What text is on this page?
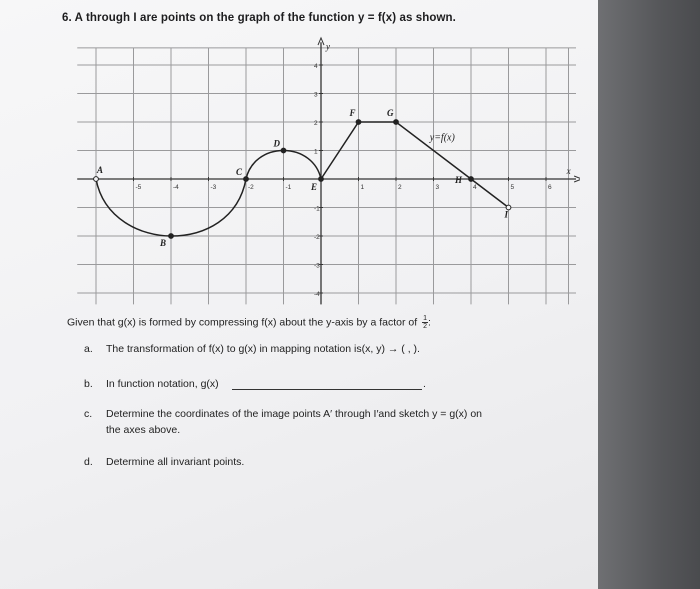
6. A through I are points on the graph of the function y = f(x) as shown.
-5	-4	-3	-2	-1	1	2	3	4	5	6
4
3
2
1
-1
-2
-3
-4
A
B
C
D
E
F	G
H
I
x
y
y=f(x)
Given that g(x) is formed by compressing f(x) about the y-axis by a factor of $\frac{1}{2}$ :
a. The transformation of f(x) to g(x) in mapping notation is(x, y) → ( , ).
b. In function notation, g(x)	.
c. Determine the coordinates of the image points A′ through I′and sketch y = g(x) on
the axes above.
d. Determine all invariant points.
